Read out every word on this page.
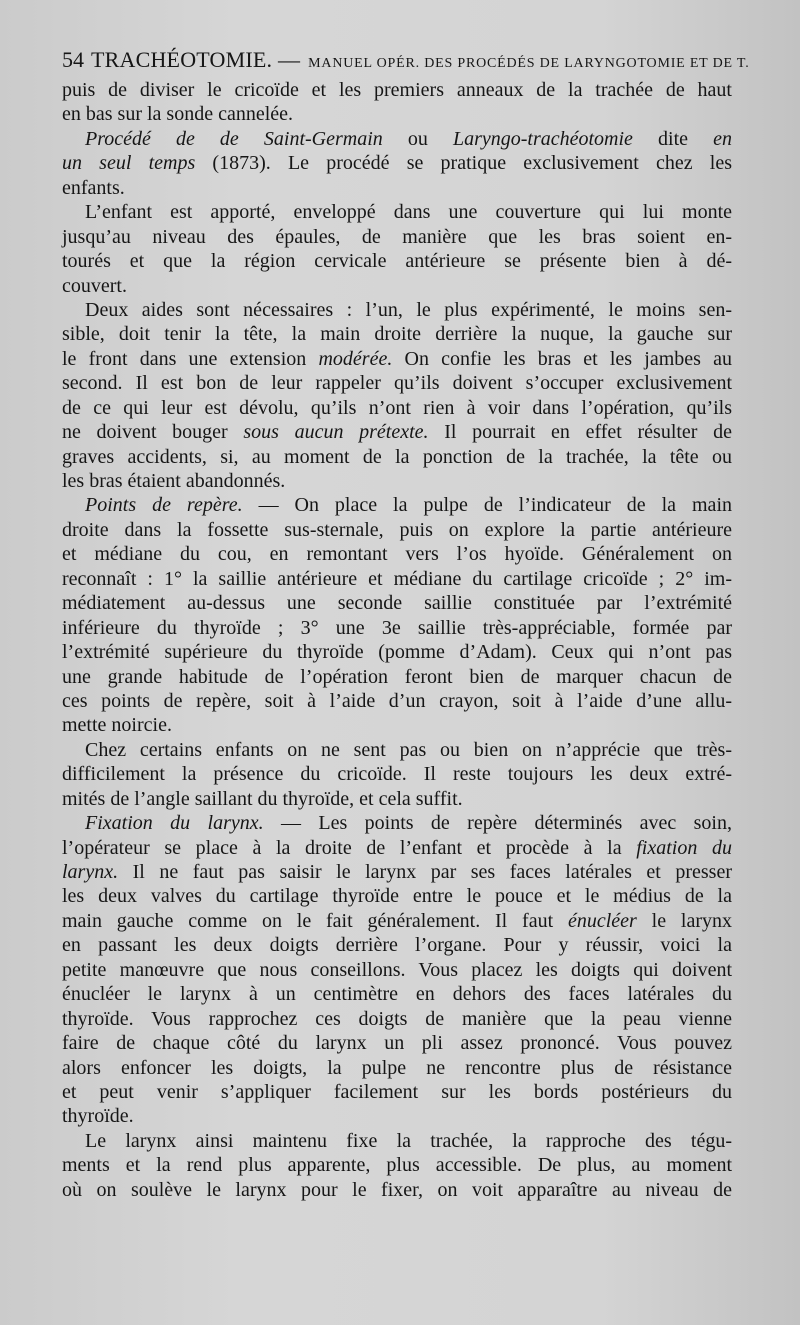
54 TRACHÉOTOMIE. — MANUEL OPÉR. DES PROCÉDÉS DE LARYNGOTOMIE ET DE T.
puis de diviser le cricoïde et les premiers anneaux de la trachée de haut
en bas sur la sonde cannelée.
Procédé de de Saint-Germain ou Laryngo-trachéotomie dite en
un seul temps (1873). Le procédé se pratique exclusivement chez les
enfants.
L’enfant est apporté, enveloppé dans une couverture qui lui monte
jusqu’au niveau des épaules, de manière que les bras soient en-
tourés et que la région cervicale antérieure se présente bien à dé-
couvert.
Deux aides sont nécessaires : l’un, le plus expérimenté, le moins sen-
sible, doit tenir la tête, la main droite derrière la nuque, la gauche sur
le front dans une extension modérée. On confie les bras et les jambes au
second. Il est bon de leur rappeler qu’ils doivent s’occuper exclusivement
de ce qui leur est dévolu, qu’ils n’ont rien à voir dans l’opération, qu’ils
ne doivent bouger sous aucun prétexte. Il pourrait en effet résulter de
graves accidents, si, au moment de la ponction de la trachée, la tête ou
les bras étaient abandonnés.
Points de repère. — On place la pulpe de l’indicateur de la main
droite dans la fossette sus-sternale, puis on explore la partie antérieure
et médiane du cou, en remontant vers l’os hyoïde. Généralement on
reconnaît : 1° la saillie antérieure et médiane du cartilage cricoïde ; 2° im-
médiatement au-dessus une seconde saillie constituée par l’extrémité
inférieure du thyroïde ; 3° une 3e saillie très-appréciable, formée par
l’extrémité supérieure du thyroïde (pomme d’Adam). Ceux qui n’ont pas
une grande habitude de l’opération feront bien de marquer chacun de
ces points de repère, soit à l’aide d’un crayon, soit à l’aide d’une allu-
mette noircie.
Chez certains enfants on ne sent pas ou bien on n’apprécie que très-
difficilement la présence du cricoïde. Il reste toujours les deux extré-
mités de l’angle saillant du thyroïde, et cela suffit.
Fixation du larynx. — Les points de repère déterminés avec soin,
l’opérateur se place à la droite de l’enfant et procède à la fixation du
larynx. Il ne faut pas saisir le larynx par ses faces latérales et presser
les deux valves du cartilage thyroïde entre le pouce et le médius de la
main gauche comme on le fait généralement. Il faut énucléer le larynx
en passant les deux doigts derrière l’organe. Pour y réussir, voici la
petite manœuvre que nous conseillons. Vous placez les doigts qui doivent
énucléer le larynx à un centimètre en dehors des faces latérales du
thyroïde. Vous rapprochez ces doigts de manière que la peau vienne
faire de chaque côté du larynx un pli assez prononcé. Vous pouvez
alors enfoncer les doigts, la pulpe ne rencontre plus de résistance
et peut venir s’appliquer facilement sur les bords postérieurs du
thyroïde.
Le larynx ainsi maintenu fixe la trachée, la rapproche des tégu-
ments et la rend plus apparente, plus accessible. De plus, au moment
où on soulève le larynx pour le fixer, on voit apparaître au niveau de
